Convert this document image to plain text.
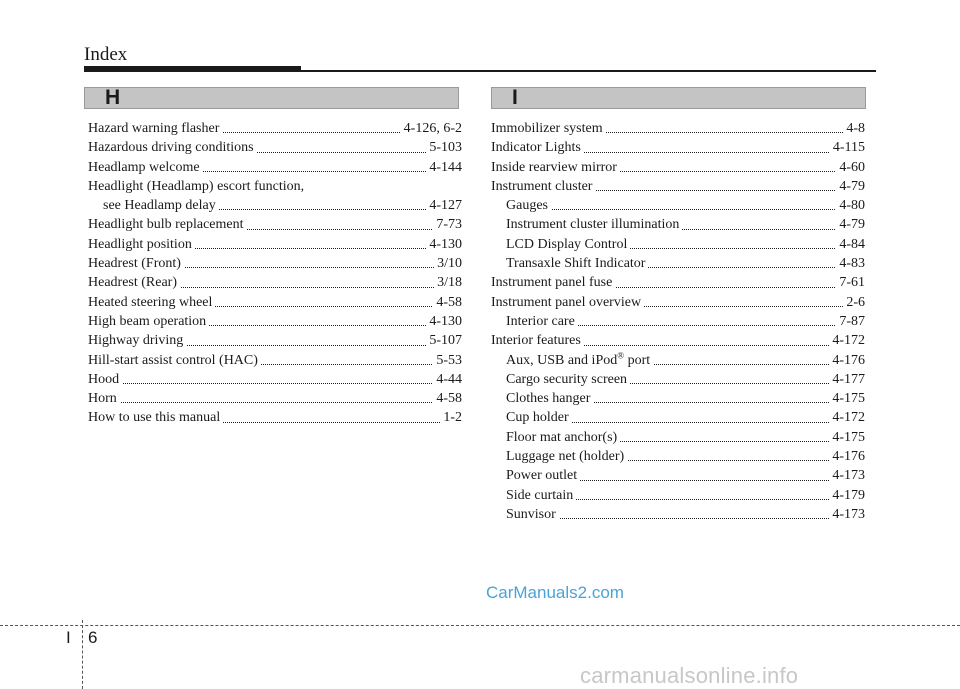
Index
H	I
Hazard warning flasher	4-126, 6-2
Hazardous driving conditions	5-103
Headlamp welcome	4-144
Headlight (Headlamp) escort function,
see Headlamp delay	4-127
Headlight bulb replacement	7-73
Headlight position	4-130
Headrest (Front)	3/10
Headrest (Rear)	3/18
Heated steering wheel	4-58
High beam operation	4-130
Highway driving	5-107
Hill-start assist control (HAC)	5-53
Hood	4-44
Horn	4-58
How to use this manual	1-2
Immobilizer system	4-8
Indicator Lights	4-115
Inside rearview mirror	4-60
Instrument cluster	4-79
Gauges	4-80
Instrument cluster illumination	4-79
LCD Display Control	4-84
Transaxle Shift Indicator	4-83
Instrument panel fuse	7-61
Instrument panel overview	2-6
Interior care	7-87
Interior features	4-172
Aux, USB and iPod® port	4-176
Cargo security screen	4-177
Clothes hanger	4-175
Cup holder	4-172
Floor mat anchor(s)	4-175
Luggage net (holder)	4-176
Power outlet	4-173
Side curtain	4-179
Sunvisor	4-173
CarManuals2.com
I 6
carmanualsonline.info
